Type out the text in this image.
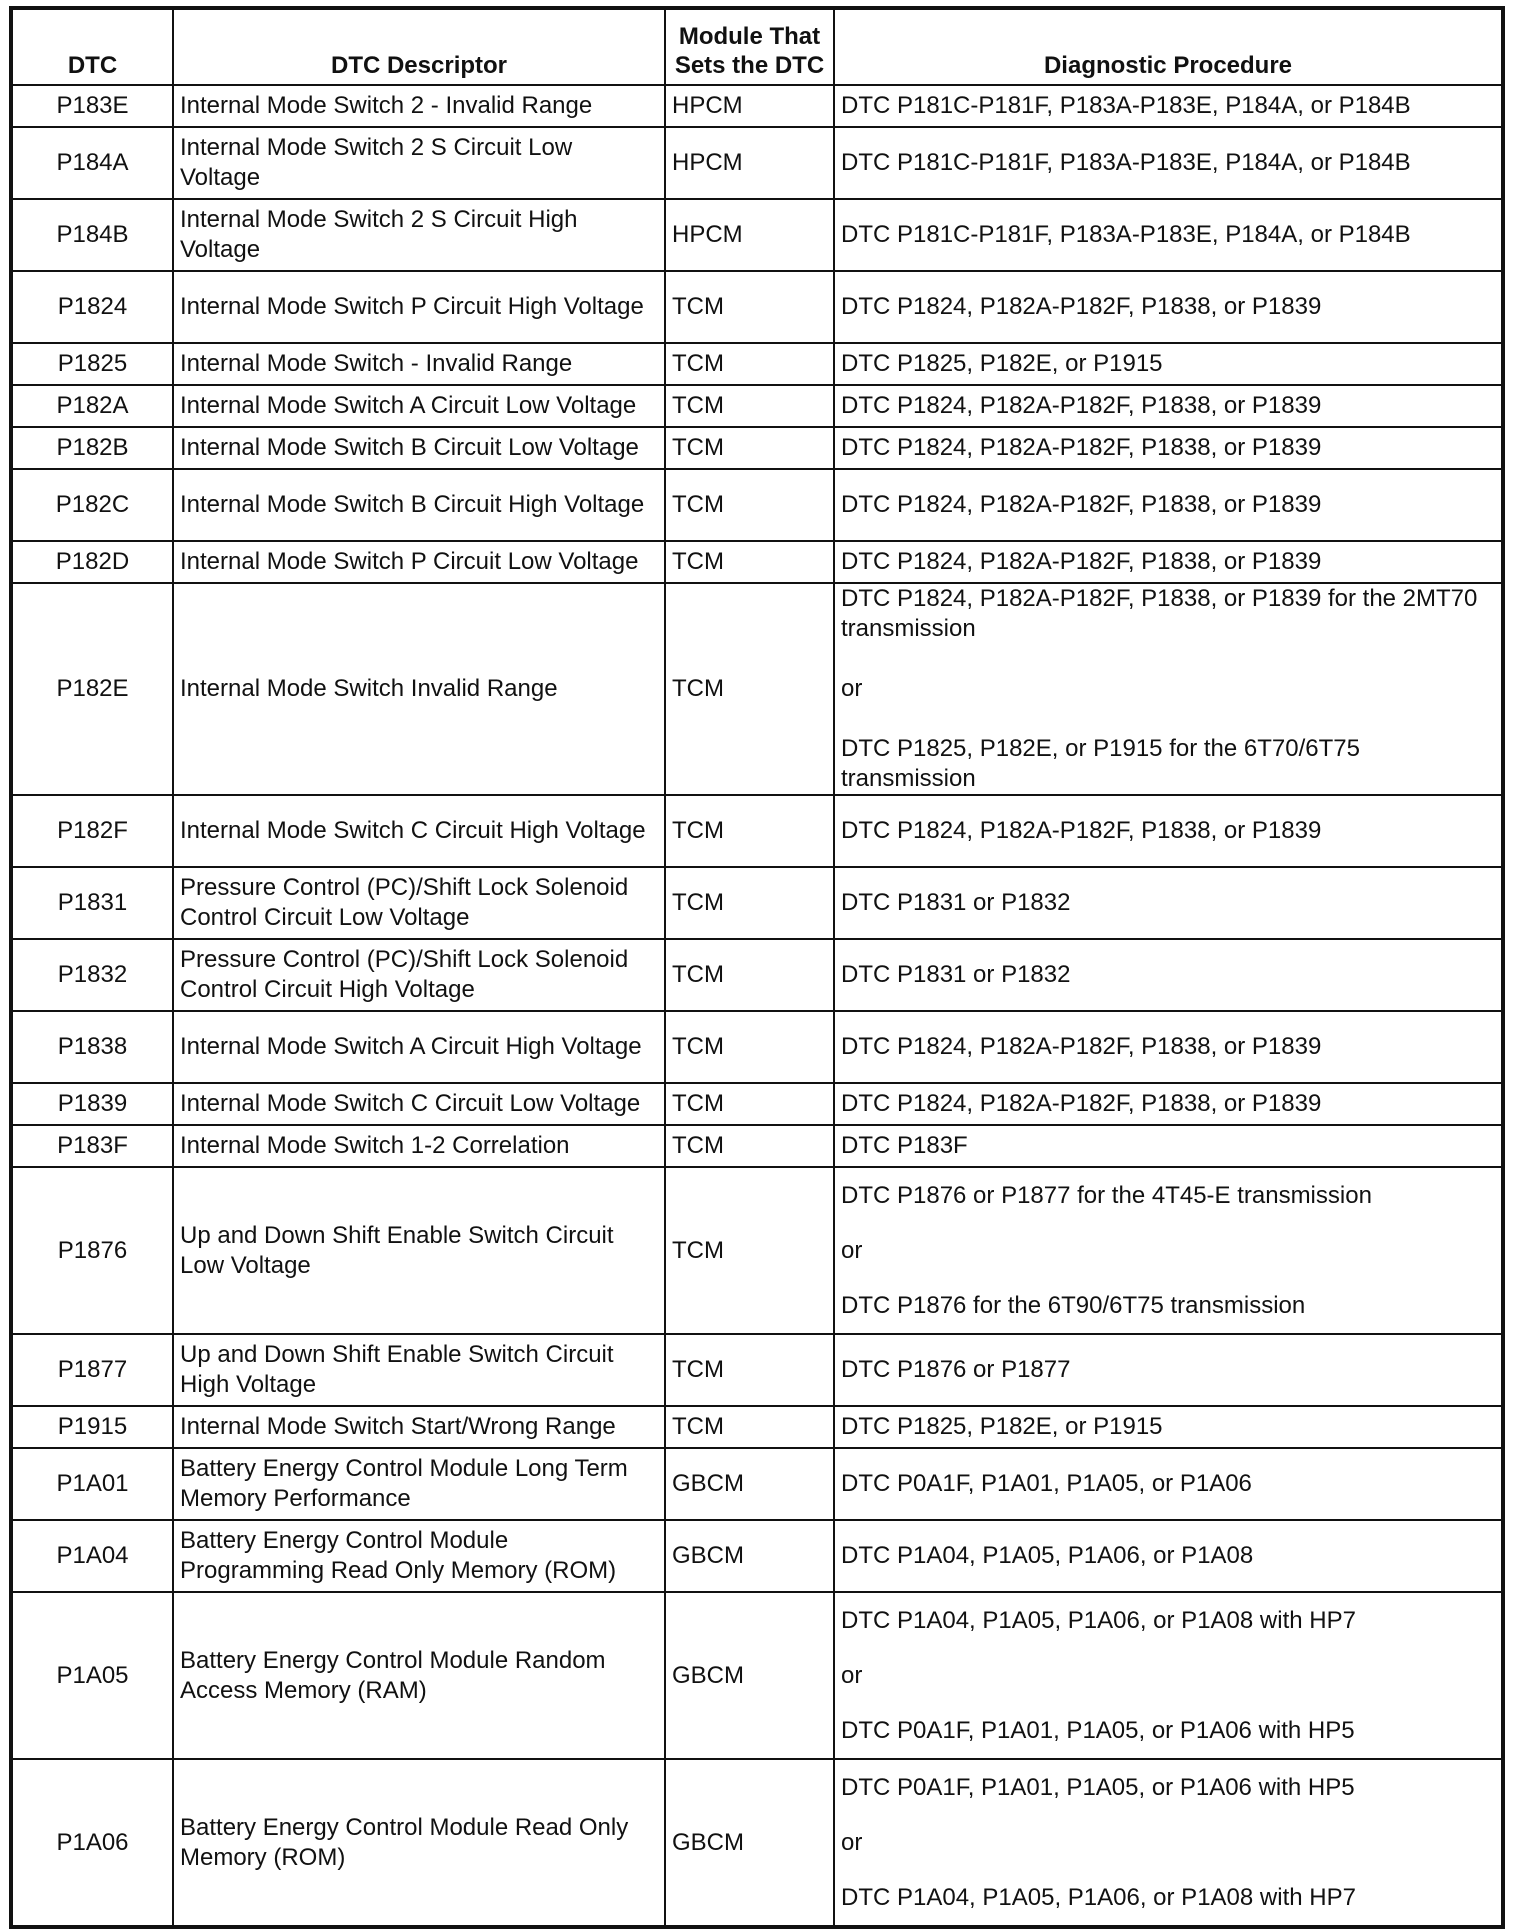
DTC	DTC Descriptor	Module That
Sets the DTC	Diagnostic Procedure
P183E	Internal Mode Switch 2 - Invalid Range	HPCM	DTC P181C-P181F, P183A-P183E, P184A, or P184B

P184A	Internal Mode Switch 2 S Circuit Low Voltage	HPCM	DTC P181C-P181F, P183A-P183E, P184A, or P184B

P184B	Internal Mode Switch 2 S Circuit High Voltage	HPCM	DTC P181C-P181F, P183A-P183E, P184A, or P184B

P1824	Internal Mode Switch P Circuit High Voltage	TCM	DTC P1824, P182A-P182F, P1838, or P1839

P1825	Internal Mode Switch - Invalid Range	TCM	DTC P1825, P182E, or P1915

P182A	Internal Mode Switch A Circuit Low Voltage	TCM	DTC P1824, P182A-P182F, P1838, or P1839

P182B	Internal Mode Switch B Circuit Low Voltage	TCM	DTC P1824, P182A-P182F, P1838, or P1839

P182C	Internal Mode Switch B Circuit High Voltage	TCM	DTC P1824, P182A-P182F, P1838, or P1839

P182D	Internal Mode Switch P Circuit Low Voltage	TCM	DTC P1824, P182A-P182F, P1838, or P1839

P182E	Internal Mode Switch Invalid Range	TCM	DTC P1824, P182A-P182F, P1838, or P1839 for the 2MT70 transmission

or

DTC P1825, P182E, or P1915 for the 6T70/6T75 transmission

P182F	Internal Mode Switch C Circuit High Voltage	TCM	DTC P1824, P182A-P182F, P1838, or P1839

P1831	Pressure Control (PC)/Shift Lock Solenoid Control Circuit Low Voltage	TCM	DTC P1831 or P1832

P1832	Pressure Control (PC)/Shift Lock Solenoid Control Circuit High Voltage	TCM	DTC P1831 or P1832

P1838	Internal Mode Switch A Circuit High Voltage	TCM	DTC P1824, P182A-P182F, P1838, or P1839

P1839	Internal Mode Switch C Circuit Low Voltage	TCM	DTC P1824, P182A-P182F, P1838, or P1839

P183F	Internal Mode Switch 1-2 Correlation	TCM	DTC P183F

P1876	Up and Down Shift Enable Switch Circuit Low Voltage	TCM	DTC P1876 or P1877 for the 4T45-E transmission
or
DTC P1876 for the 6T90/6T75 transmission

P1877	Up and Down Shift Enable Switch Circuit High Voltage	TCM	DTC P1876 or P1877

P1915	Internal Mode Switch Start/Wrong Range	TCM	DTC P1825, P182E, or P1915

P1A01	Battery Energy Control Module Long Term Memory Performance	GBCM	DTC P0A1F, P1A01, P1A05, or P1A06

P1A04	Battery Energy Control Module Programming Read Only Memory (ROM)	GBCM	DTC P1A04, P1A05, P1A06, or P1A08

P1A05	Battery Energy Control Module Random Access Memory (RAM)	GBCM	DTC P1A04, P1A05, P1A06, or P1A08 with HP7
or
DTC P0A1F, P1A01, P1A05, or P1A06 with HP5

P1A06	Battery Energy Control Module Read Only Memory (ROM)	GBCM	DTC P0A1F, P1A01, P1A05, or P1A06 with HP5
or
DTC P1A04, P1A05, P1A06, or P1A08 with HP7
